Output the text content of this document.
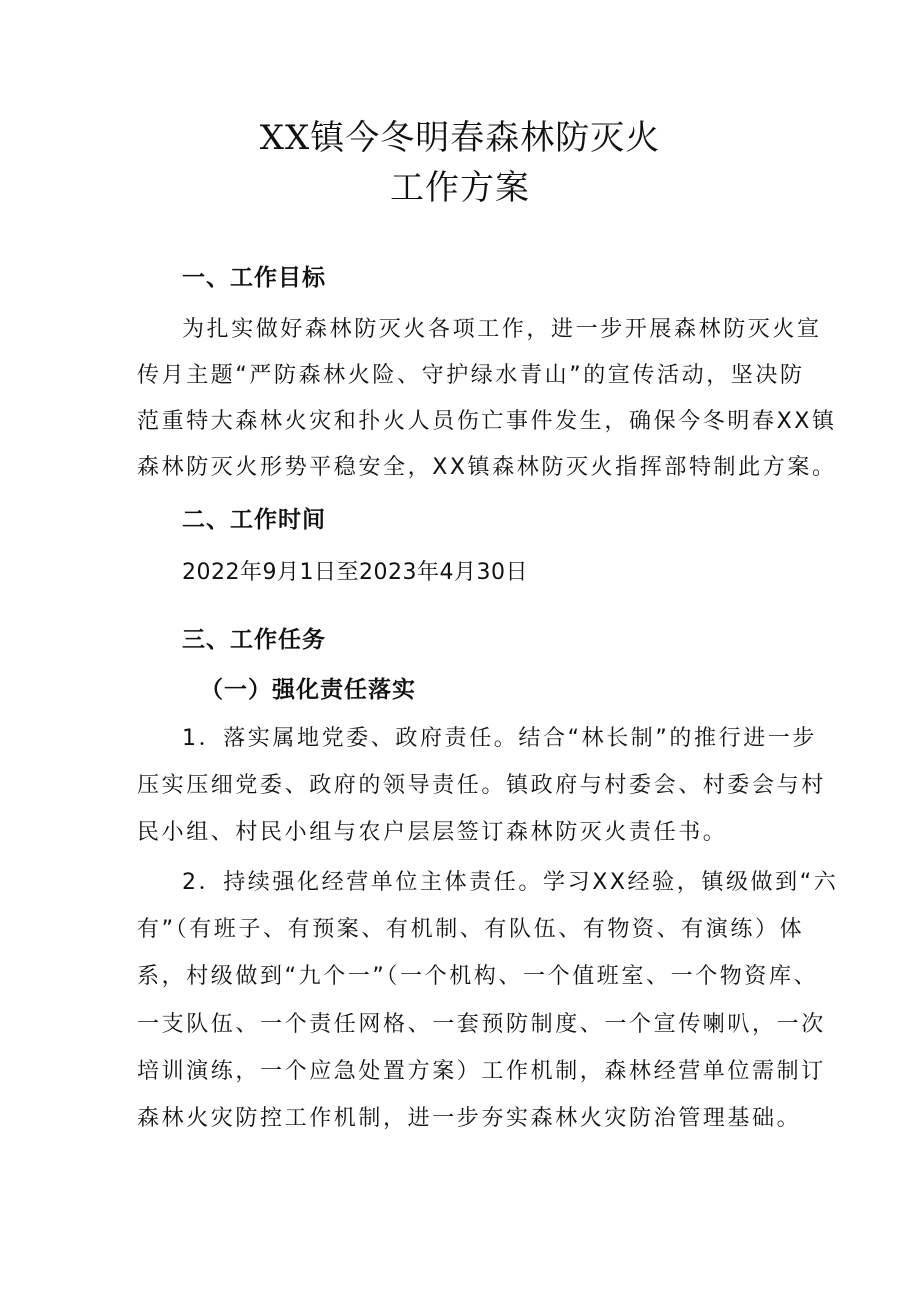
XX镇今冬明春森林防灭火
工作方案
一、工作目标
为扎实做好森林防灭火各项工作，进一步开展森林防灭火宣
传月主题“严防森林火险、守护绿水青山”的宣传活动，坚决防
范重特大森林火灾和扑火人员伤亡事件发生，确保今冬明春XX镇
森林防灭火形势平稳安全，XX镇森林防灭火指挥部特制此方案。
二、工作时间
2022年9月1日至2023年4月30日
三、工作任务
（一）强化责任落实
1．落实属地党委、政府责任。结合“林长制”的推行进一步
压实压细党委、政府的领导责任。镇政府与村委会、村委会与村
民小组、村民小组与农户层层签订森林防灭火责任书。
2．持续强化经营单位主体责任。学习XX经验，镇级做到“六
有”（有班子、有预案、有机制、有队伍、有物资、有演练）体
系，村级做到“九个一”（一个机构、一个值班室、一个物资库、
一支队伍、一个责任网格、一套预防制度、一个宣传喇叭，一次
培训演练，一个应急处置方案）工作机制，森林经营单位需制订
森林火灾防控工作机制，进一步夯实森林火灾防治管理基础。
